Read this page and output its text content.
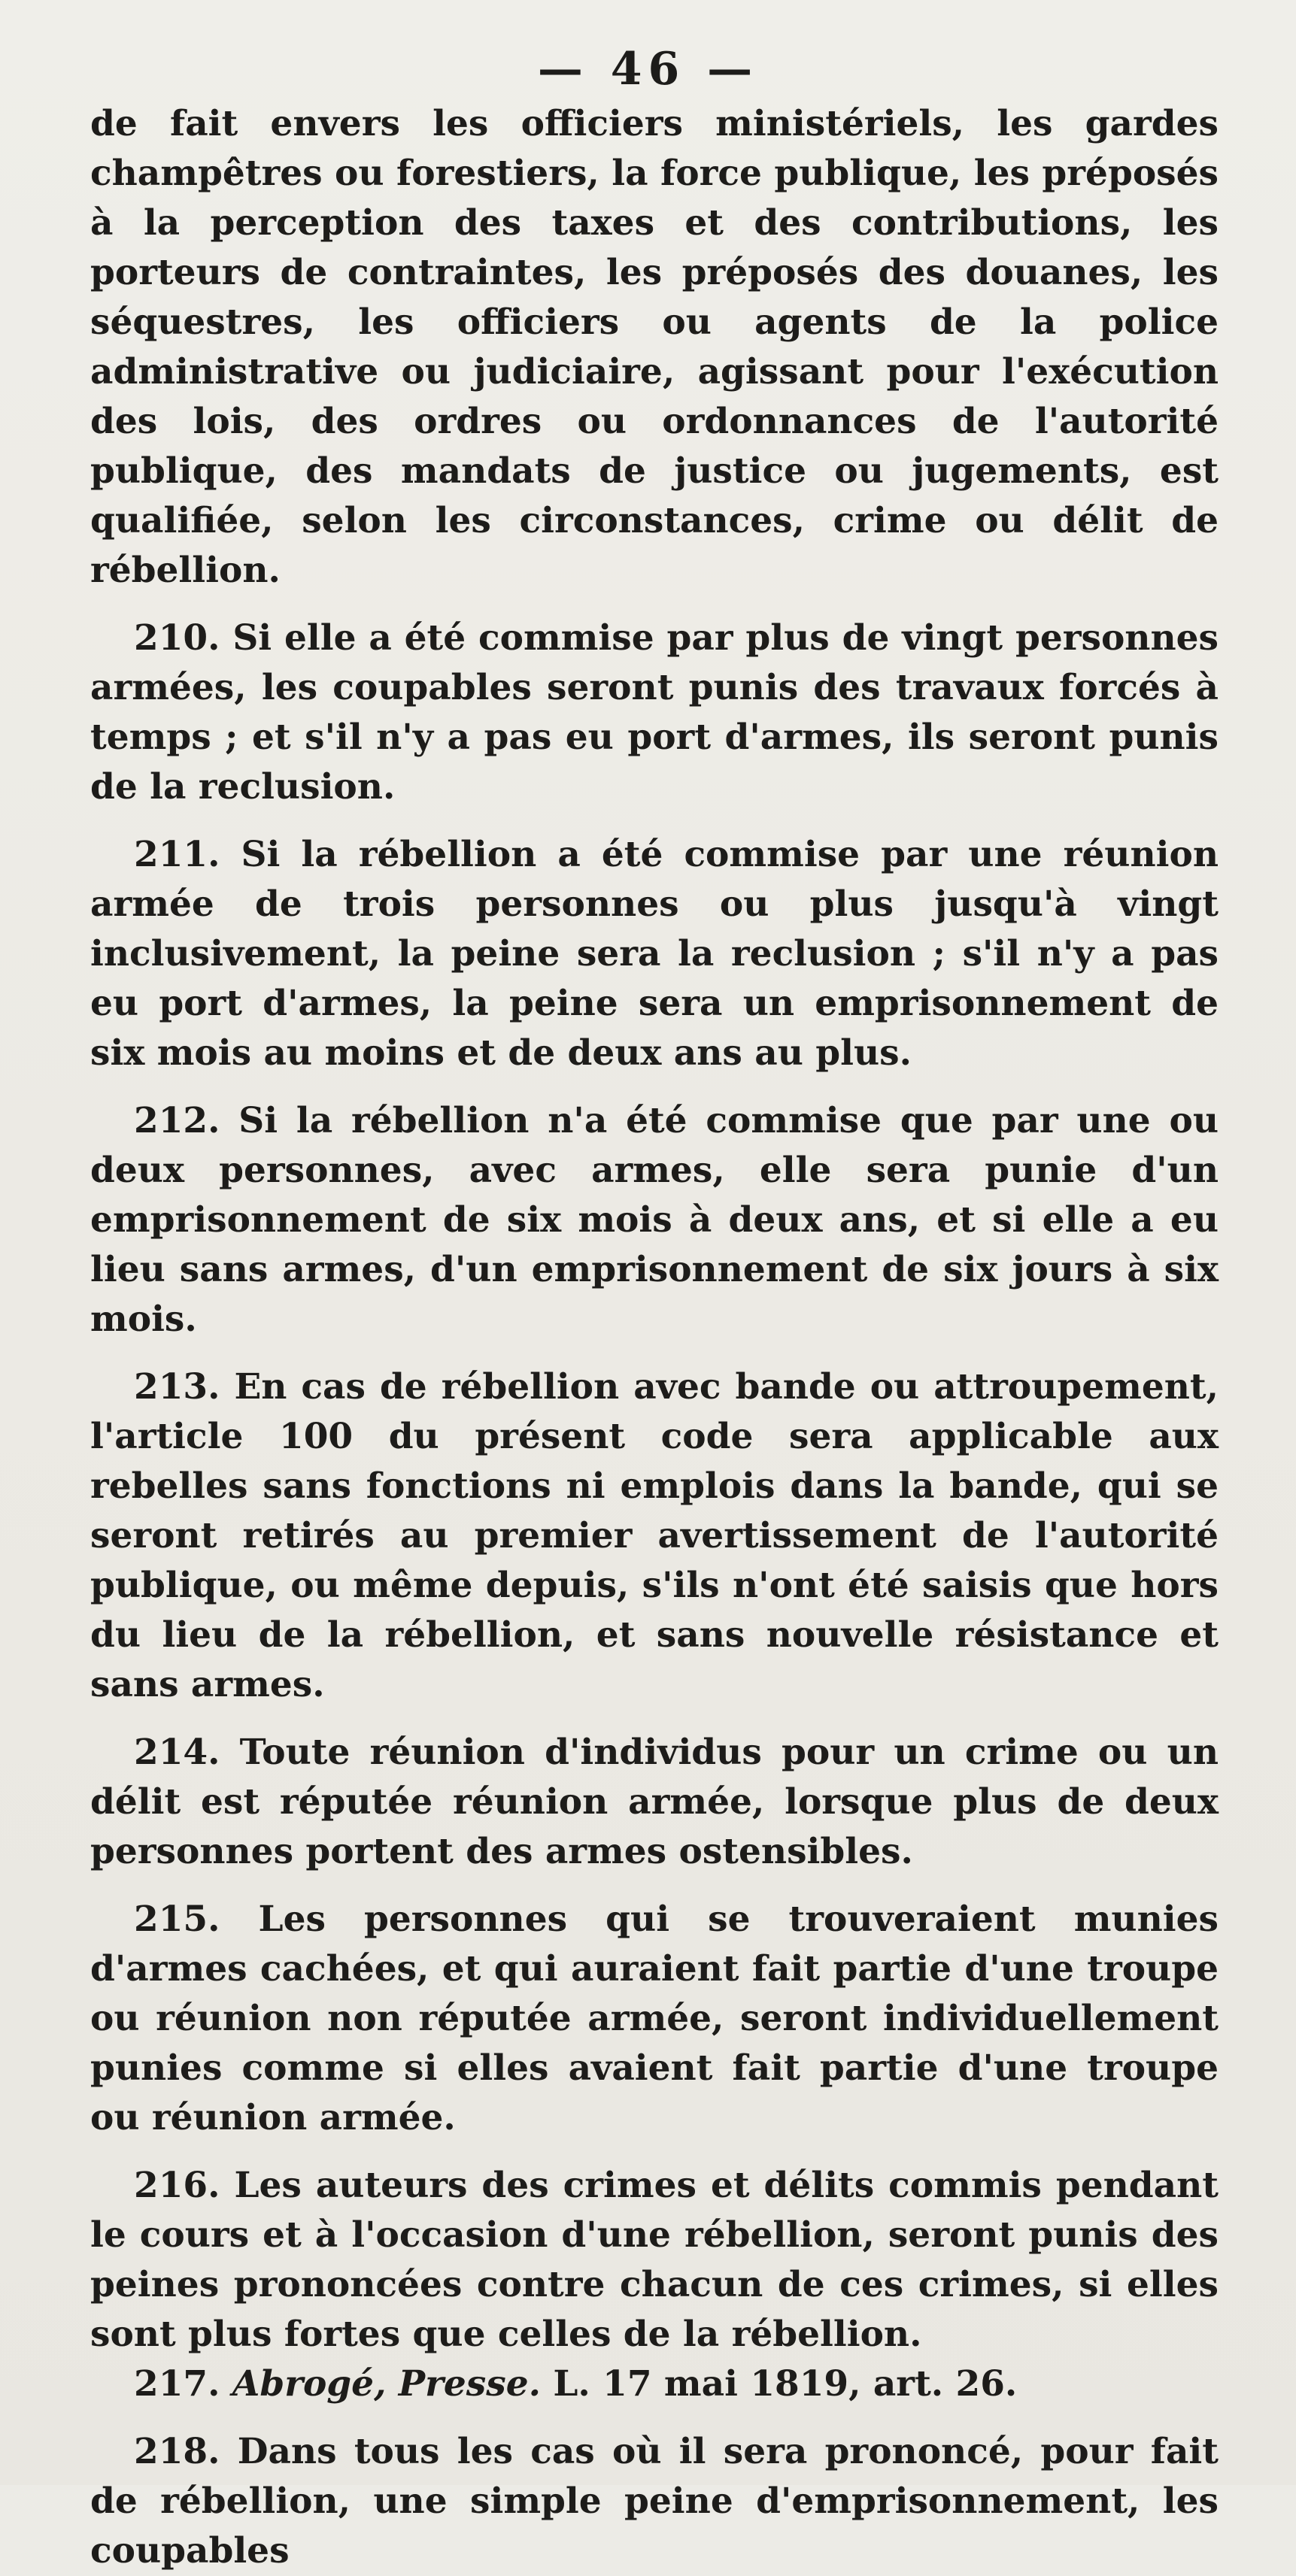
— 46 —

de fait envers les officiers ministériels, les gardes champêtres ou forestiers, la force publique, les préposés à la perception des taxes et des contributions, les porteurs de contraintes, les préposés des douanes, les séquestres, les officiers ou agents de la police administrative ou judiciaire, agissant pour l'exécution des lois, des ordres ou ordonnances de l'autorité publique, des mandats de justice ou jugements, est qualifiée, selon les circonstances, crime ou délit de rébellion.

210. Si elle a été commise par plus de vingt personnes armées, les coupables seront punis des travaux forcés à temps ; et s'il n'y a pas eu port d'armes, ils seront punis de la reclusion.

211. Si la rébellion a été commise par une réunion armée de trois personnes ou plus jusqu'à vingt inclusivement, la peine sera la reclusion ; s'il n'y a pas eu port d'armes, la peine sera un emprisonnement de six mois au moins et de deux ans au plus.

212. Si la rébellion n'a été commise que par une ou deux personnes, avec armes, elle sera punie d'un emprisonnement de six mois à deux ans, et si elle a eu lieu sans armes, d'un emprisonnement de six jours à six mois.

213. En cas de rébellion avec bande ou attroupement, l'article 100 du présent code sera applicable aux rebelles sans fonctions ni emplois dans la bande, qui se seront retirés au premier avertissement de l'autorité publique, ou même depuis, s'ils n'ont été saisis que hors du lieu de la rébellion, et sans nouvelle résistance et sans armes.

214. Toute réunion d'individus pour un crime ou un délit est réputée réunion armée, lorsque plus de deux personnes portent des armes ostensibles.

215. Les personnes qui se trouveraient munies d'armes cachées, et qui auraient fait partie d'une troupe ou réunion non réputée armée, seront individuellement punies comme si elles avaient fait partie d'une troupe ou réunion armée.

216. Les auteurs des crimes et délits commis pendant le cours et à l'occasion d'une rébellion, seront punis des peines prononcées contre chacun de ces crimes, si elles sont plus fortes que celles de la rébellion.

217. Abrogé, Presse. L. 17 mai 1819, art. 26.

218. Dans tous les cas où il sera prononcé, pour fait de rébellion, une simple peine d'emprisonnement, les coupables
